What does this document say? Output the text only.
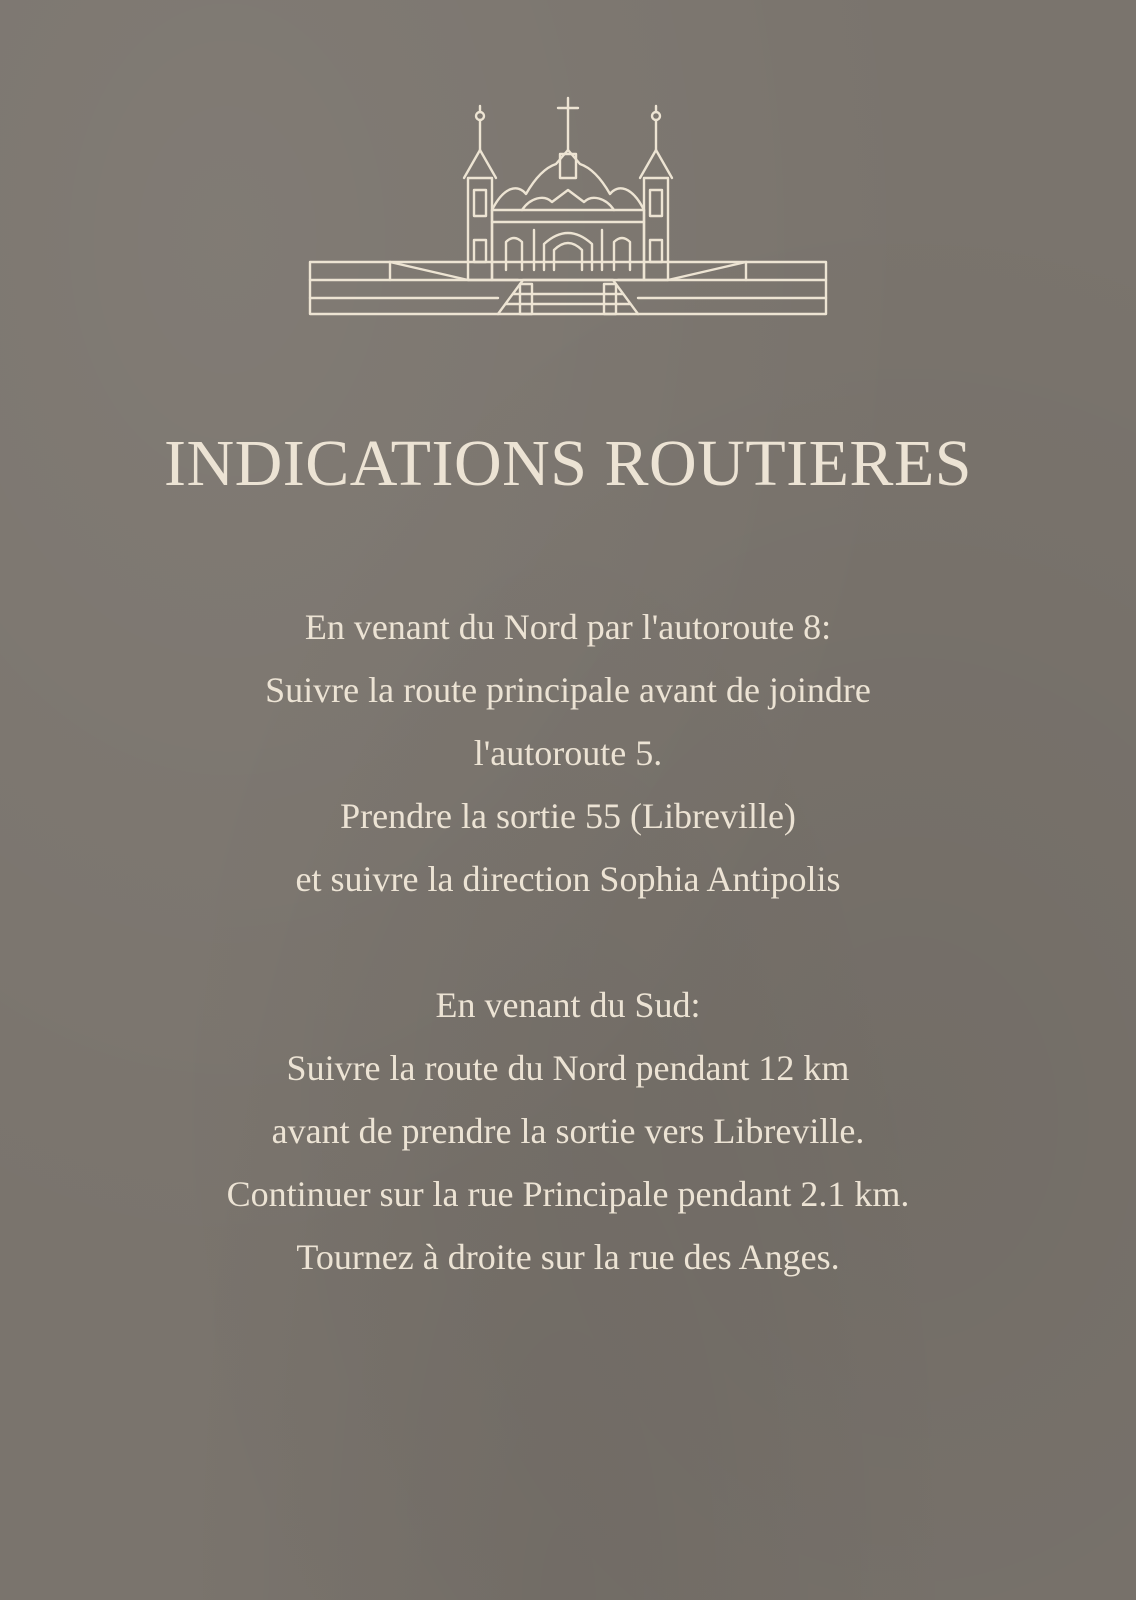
INDICATIONS ROUTIERES
En venant du Nord par l'autoroute 8:
Suivre la route principale avant de joindre
l'autoroute 5.
Prendre la sortie 55 (Libreville)
et suivre la direction Sophia Antipolis
En venant du Sud:
Suivre la route du Nord pendant 12 km
avant de prendre la sortie vers Libreville.
Continuer sur la rue Principale pendant 2.1 km.
Tournez à droite sur la rue des Anges.
